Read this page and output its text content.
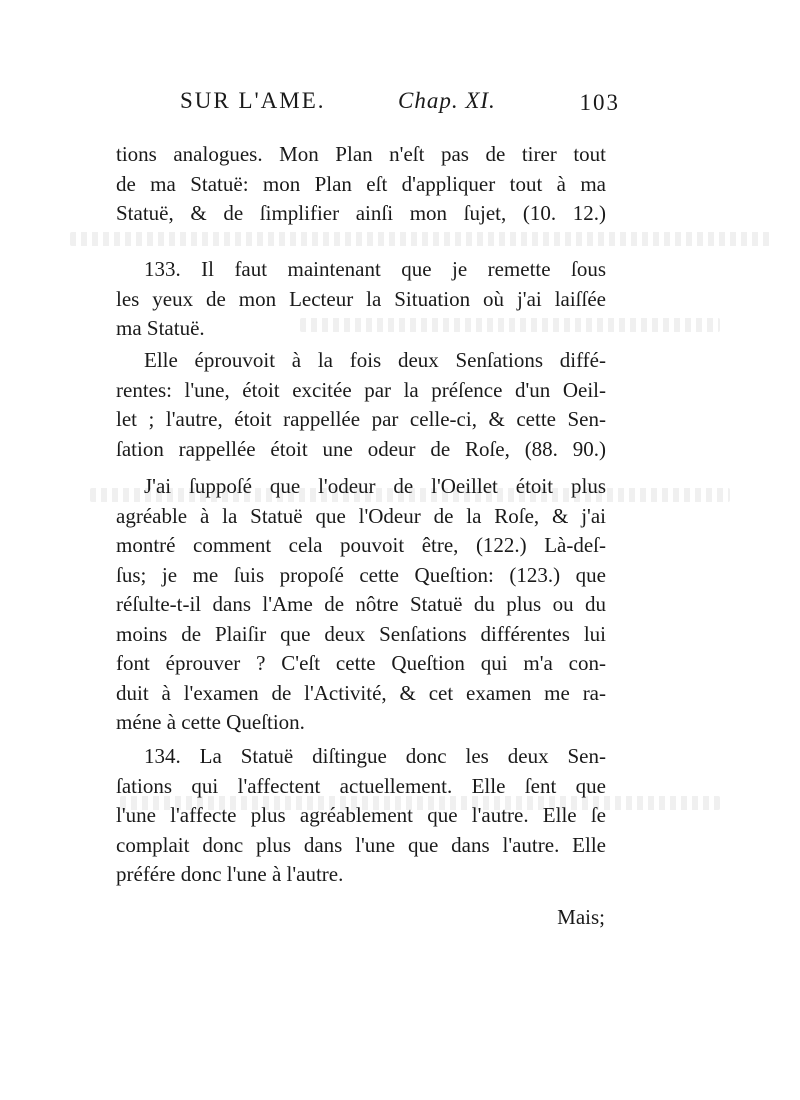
SUR L'AME.	Chap. XI.	103
tions analogues. Mon Plan n'eſt pas de tirer tout
de ma Statuë: mon Plan eſt d'appliquer tout à ma
Statuë, & de ſimplifier ainſi mon ſujet, (10. 12.)
133. Il faut maintenant que je remette ſous
les yeux de mon Lecteur la Situation où j'ai laiſſée
ma Statuë.
Elle éprouvoit à la fois deux Senſations diffé-
rentes: l'une, étoit excitée par la préſence d'un Oeil-
let ; l'autre, étoit rappellée par celle-ci, & cette Sen-
ſation rappellée étoit une odeur de Roſe, (88. 90.)
J'ai ſuppoſé que l'odeur de l'Oeillet étoit plus
agréable à la Statuë que l'Odeur de la Roſe, & j'ai
montré comment cela pouvoit être, (122.) Là-deſ-
ſus; je me ſuis propoſé cette Queſtion: (123.) que
réſulte-t-il dans l'Ame de nôtre Statuë du plus ou du
moins de Plaiſir que deux Senſations différentes lui
font éprouver ? C'eſt cette Queſtion qui m'a con-
duit à l'examen de l'Activité, & cet examen me ra-
méne à cette Queſtion.
134. La Statuë diſtingue donc les deux Sen-
ſations qui l'affectent actuellement. Elle ſent que
l'une l'affecte plus agréablement que l'autre. Elle ſe
complait donc plus dans l'une que dans l'autre. Elle
préfére donc l'une à l'autre.
Mais;
